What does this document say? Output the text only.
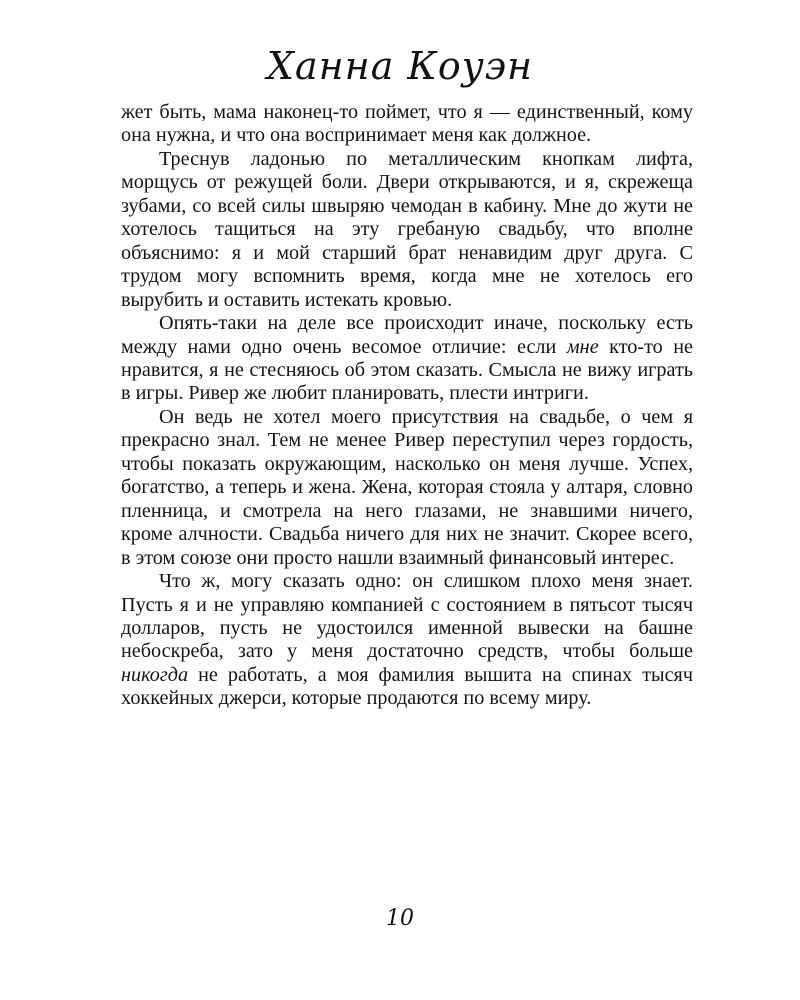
Ханна Коуэн

жет быть, мама наконец-то поймет, что я — единственный, кому она нужна, и что она воспринимает меня как должное.

Треснув ладонью по металлическим кнопкам лифта, морщусь от режущей боли. Двери открываются, и я, скрежеща зубами, со всей силы швыряю чемодан в кабину. Мне до жути не хотелось тащиться на эту гребаную свадьбу, что вполне объяснимо: я и мой старший брат ненавидим друг друга. С трудом могу вспомнить время, когда мне не хотелось его вырубить и оставить истекать кровью.

Опять-таки на деле все происходит иначе, поскольку есть между нами одно очень весомое отличие: если мне кто-то не нравится, я не стесняюсь об этом сказать. Смысла не вижу играть в игры. Ривер же любит планировать, плести интриги.

Он ведь не хотел моего присутствия на свадьбе, о чем я прекрасно знал. Тем не менее Ривер переступил через гордость, чтобы показать окружающим, насколько он меня лучше. Успех, богатство, а теперь и жена. Жена, которая стояла у алтаря, словно пленница, и смотрела на него глазами, не знавшими ничего, кроме алчности. Свадьба ничего для них не значит. Скорее всего, в этом союзе они просто нашли взаимный финансовый интерес.

Что ж, могу сказать одно: он слишком плохо меня знает. Пусть я и не управляю компанией с состоянием в пятьсот тысяч долларов, пусть не удостоился именной вывески на башне небоскреба, зато у меня достаточно средств, чтобы больше никогда не работать, а моя фамилия вышита на спинах тысяч хоккейных джерси, которые продаются по всему миру.

10
